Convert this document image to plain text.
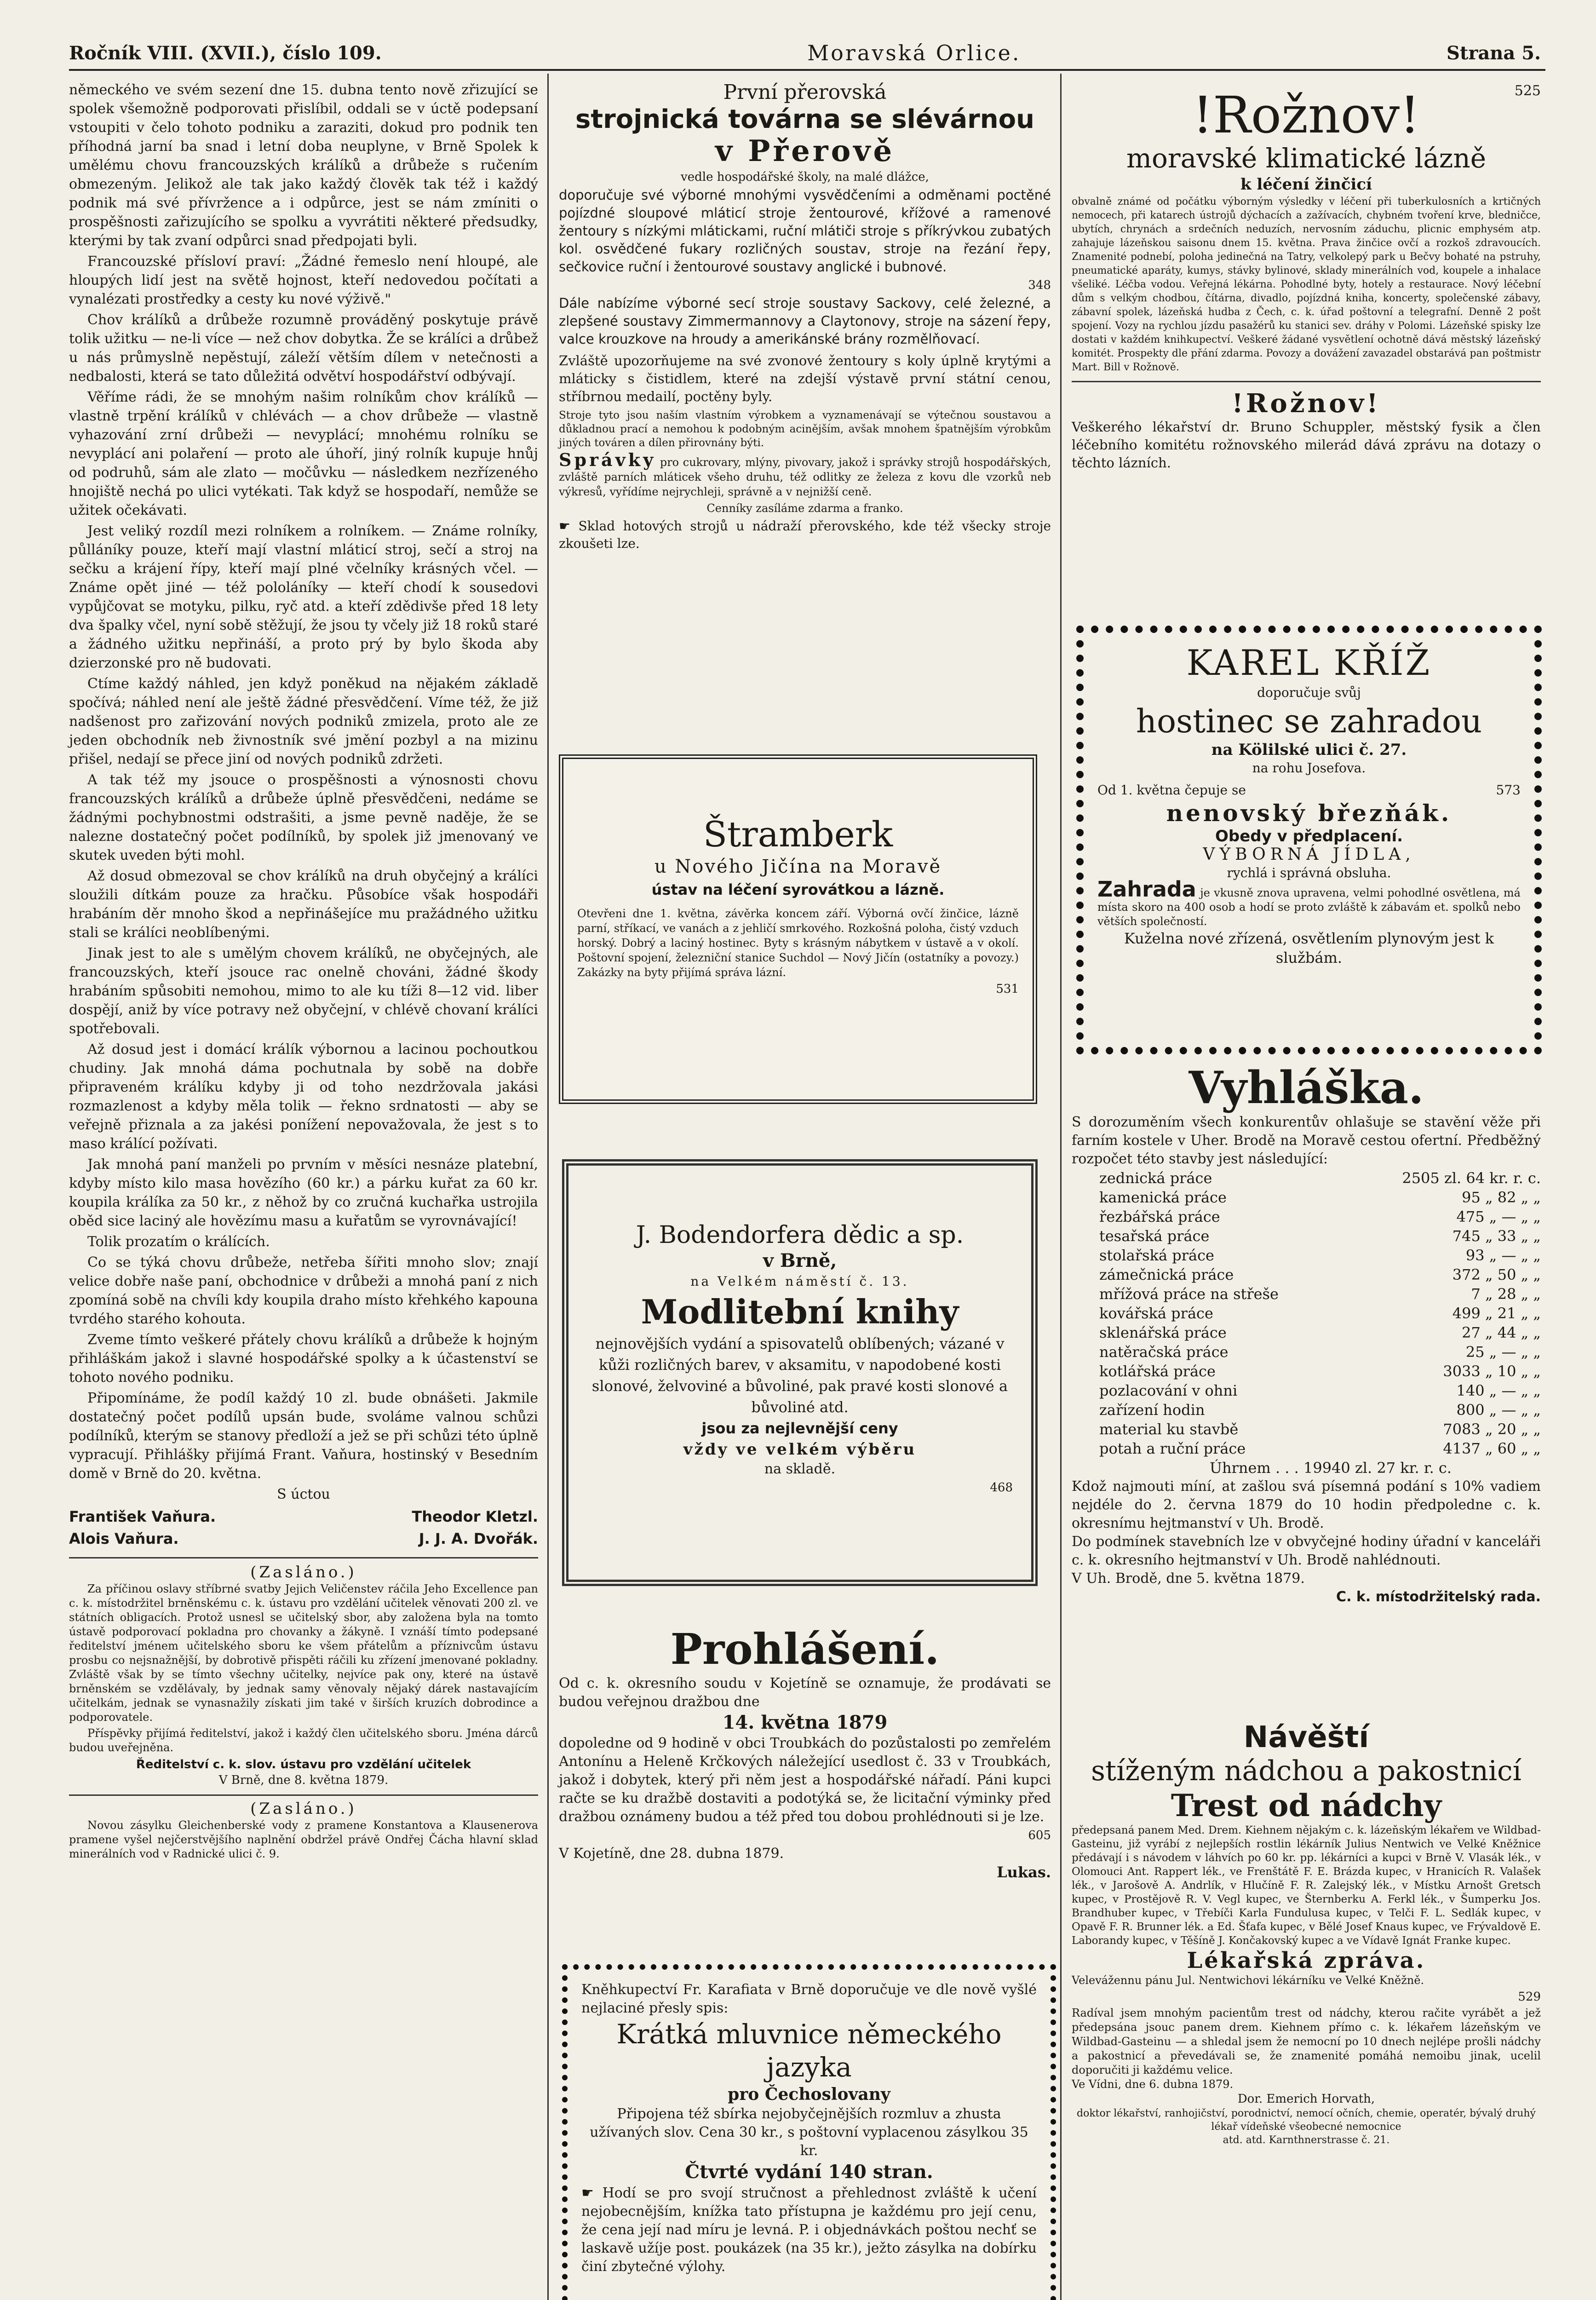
Ročník VIII. (XVII.), číslo 109.	Moravská Orlice.	Strana 5.
525

německého ve svém sezení dne 15. dubna tento nově zřizující se spolek všemožně podporovati přislíbil, oddali se v úctě podepsaní vstoupiti v čelo tohoto podniku a zaraziti, dokud pro podnik ten příhodná jarní ba snad i letní doba neuplyne, v Brně Spolek k umělému chovu francouzských králíků a drůbeže s ručením obmezeným. Jelikož ale tak jako každý člověk tak též i každý podnik má své přívržence a i odpůrce, jest se nám zmíniti o prospěšnosti zařizujícího se spolku a vyvrátiti některé předsudky, kterými by tak zvaní odpůrci snad předpojati byli.

Francouzské přísloví praví: „Žádné řemeslo není hloupé, ale hloupých lidí jest na světě hojnost, kteří nedovedou počítati a vynalézati prostředky a cesty ku nové výživě."

Chov králíků a drůbeže rozumně prováděný poskytuje právě tolik užitku — ne-li více — než chov dobytka. Že se králíci a drůbež u nás průmyslně nepěstují, záleží větším dílem v netečnosti a nedbalosti, která se tato důležitá odvětví hospodářství odbývají.

Věříme rádi, že se mnohým našim rolníkům chov králíků — vlastně trpění králíků v chlévách — a chov drůbeže — vlastně vyhazování zrní drůbeži — nevyplácí; mnohému rolníku se nevyplácí ani polaření — proto ale úhoří, jiný rolník kupuje hnůj od podruhů, sám ale zlato — močůvku — následkem nezřízeného hnojiště nechá po ulici vytékati. Tak když se hospodaří, nemůže se užitek očekávati.

Jest veliký rozdíl mezi rolníkem a rolníkem. — Známe rolníky, půlláníky pouze, kteří mají vlastní mláticí stroj, sečí a stroj na sečku a krájení řípy, kteří mají plné včelníky krásných včel. — Známe opět jiné — též pololáníky — kteří chodí k sousedovi vypůjčovat se motyku, pilku, ryč atd. a kteří zdědivše před 18 lety dva špalky včel, nyní sobě stěžují, že jsou ty včely již 18 roků staré a žádného užitku nepřináší, a proto prý by bylo škoda aby dzierzonské pro ně budovati.

Ctíme každý náhled, jen když poněkud na nějakém základě spočívá; náhled není ale ještě žádné přesvědčení. Víme též, že již nadšenost pro zařizování nových podniků zmizela, proto ale ze jeden obchodník neb živnostník své jmění pozbyl a na mizinu přišel, nedají se přece jiní od nových podniků zdržeti.

A tak též my jsouce o prospěšnosti a výnosnosti chovu francouzských králíků a drůbeže úplně přesvědčeni, nedáme se žádnými pochybnostmi odstrašiti, a jsme pevně naděje, že se nalezne dostatečný počet podílníků, by spolek již jmenovaný ve skutek uveden býti mohl.

Až dosud obmezoval se chov králíků na druh obyčejný a králíci sloužili dítkám pouze za hračku. Působíce však hospodáři hrabáním děr mnoho škod a nepřinášejíce mu pražádného užitku stali se králíci neoblíbenými.

Jinak jest to ale s umělým chovem králíků, ne obyčejných, ale francouzských, kteří jsouce rac onelně chováni, žádné škody hrabáním spůsobiti nemohou, mimo to ale ku tíži 8—12 vid. liber dospějí, aniž by více potravy než obyčejní, v chlévě chovaní králíci spotřebovali.

Až dosud jest i domácí králík výbornou a lacinou pochoutkou chudiny. Jak mnohá dáma pochutnala by sobě na dobře připraveném králíku kdyby ji od toho nezdržovala jakási rozmazlenost a kdyby měla tolik — řekno srdnatosti — aby se veřejně přiznala a za jakési ponížení nepovažovala, že jest s to maso králící požívati.

Jak mnohá paní manželi po prvním v měsíci nesnáze platební, kdyby místo kilo masa hovězího (60 kr.) a párku kuřat za 60 kr. koupila králíka za 50 kr., z něhož by co zručná kuchařka ustrojila oběd sice laciný ale hovězímu masu a kuřatům se vyrovnávající!

Tolik prozatím o králících.

Co se týká chovu drůbeže, netřeba šířiti mnoho slov; znají velice dobře naše paní, obchodnice v drůbeži a mnohá paní z nich zpomíná sobě na chvíli kdy koupila draho místo křehkého kapouna tvrdého starého kohouta.

Zveme tímto veškeré přátely chovu králíků a drůbeže k hojným přihláškám jakož i slavné hospodářské spolky a k účastenství se tohoto nového podniku.

Připomínáme, že podíl každý 10 zl. bude obnášeti. Jakmile dostatečný počet podílů upsán bude, svoláme valnou schůzi podílníků, kterým se stanovy předloží a jež se při schůzi této úplně vypracují. Přihlášky přijímá Frant. Vaňura, hostinský v Besedním domě v Brně do 20. května.

S úctou
František Vaňura.	Theodor Kletzl.
Alois Vaňura.	J. J. A. Dvořák.
(Zasláno.)

Za příčinou oslavy stříbrné svatby Jejich Veličenstev ráčila Jeho Excellence pan c. k. místodržitel brněnskému c. k. ústavu pro vzdělání učitelek věnovati 200 zl. ve státních obligacích. Protož usnesl se učitelský sbor, aby založena byla na tomto ústavě podporovací pokladna pro chovanky a žákyně. I vznáší tímto podepsané ředitelství jménem učitelského sboru ke všem přátelům a příznivcům ústavu prosbu co nejsnažnější, by dobrotivě přispěti ráčili ku zřízení jmenované pokladny. Zvláště však by se tímto všechny učitelky, nejvíce pak ony, které na ústavě brněnském se vzdělávaly, by jednak samy věnovaly nějaký dárek nastavajícím učitelkám, jednak se vynasnažily získati jim také v širších kruzích dobrodince a podporovatele.

Příspěvky přijímá ředitelství, jakož i každý člen učitelského sboru. Jména dárců budou uveřejněna.

Ředitelství c. k. slov. ústavu pro vzdělání učitelek
V Brně, dne 8. května 1879.
(Zasláno.)

Novou zásylku Gleichenberské vody z pramene Konstantova a Klausenerova pramene vyšel nejčerstvějšího naplnění obdržel právě Ondřej Čácha hlavní sklad minerálních vod v Radnické ulici č. 9.

První přerovská
strojnická továrna se slévárnou
v Přerově
vedle hospodářské školy, na malé dlážce,
doporučuje své výborné mnohými vysvědčeními a odměnami poctěné pojízdné sloupové mláticí stroje žentourové, křížové a ramenové žentoury s nízkými mlátickami, ruční mlátiči stroje s příkrývkou zubatých kol. osvědčené fukary rozličných soustav, stroje na řezání řepy, sečkovice ruční i žentourové soustavy anglické i bubnové.
348
Dále nabízíme výborné secí stroje soustavy Sackovy, celé železné, a zlepšené soustavy Zimmermannovy a Claytonovy, stroje na sázení řepy, valce krouzkove na hroudy a amerikánské brány rozmělňovací.
Zvláště upozorňujeme na své zvonové žentoury s koly úplně krytými a mláticky s čistidlem, které na zdejší výstavě první státní cenou, stříbrnou medailí, poctěny byly.
Stroje tyto jsou naším vlastním výrobkem a vyznamenávají se výtečnou soustavou a důkladnou prací a nemohou k podobným acinějším, avšak mnohem špatnějším výrobkům jiných továren a dílen přirovnány býti.
Správky pro cukrovary, mlýny, pivovary, jakož i správky strojů hospodářských, zvláště parních mláticek všeho druhu, též odlitky ze železa z kovu dle vzorků neb výkresů, vyřídíme nejrychleji, správně a v nejnižší ceně.
Cenníky zasíláme zdarma a franko.
☛ Sklad hotových strojů u nádraží přerovského, kde též všecky stroje zkoušeti lze.
Štramberk
u Nového Jičína na Moravě
ústav na léčení syrovátkou a lázně.
Otevřeni dne 1. května, závěrka koncem září. Výborná ovčí žinčice, lázně parní, stříkací, ve vanách a z jehličí smrkového. Rozkošná poloha, čistý vzduch horský. Dobrý a laciný hostinec. Byty s krásným nábytkem v ústavě a v okolí. Poštovní spojení, železniční stanice Suchdol — Nový Jičín (ostatníky a povozy.) Zakázky na byty přijímá správa lázní.
531
J. Bodendorfera dědic a sp.
v Brně,
na Velkém náměstí č. 13.
Modlitební knihy
nejnovějších vydání a spisovatelů oblíbených; vázané v kůži rozličných barev, v aksamitu, v napodobené kosti slonové, želvoviné a bůvoliné, pak pravé kosti slonové a bůvoliné atd.
jsou za nejlevnější ceny
vždy ve velkém výběru
na skladě.
468
Prohlášení.
Od c. k. okresního soudu v Kojetíně se oznamuje, že prodávati se budou veřejnou dražbou dne
14. května 1879
dopoledne od 9 hodině v obci Troubkách do pozůstalosti po zemřelém Antonínu a Heleně Krčkových náležející usedlost č. 33 v Troubkách, jakož i dobytek, který při něm jest a hospodářské nářadí. Páni kupci račte se ku dražbě dostaviti a podotýká se, že licitační výminky před dražbou oznámeny budou a též před tou dobou prohlédnouti si je lze.
605
V Kojetíně, dne 28. dubna 1879.
Lukas.
Kněhkupectví Fr. Karafiata v Brně doporučuje ve dle nově vyšlé nejlaciné přesly spis:
Krátká mluvnice německého jazyka
pro Čechoslovany
Připojena též sbírka nejobyčejnějších rozmluv a zhusta užívaných slov. Cena 30 kr., s poštovní vyplacenou zásylkou 35 kr.
Čtvrté vydání 140 stran.
☛ Hodí se pro svojí stručnost a přehlednost zvláště k učení nejobecnějším, knížka tato přístupna je každému pro její cenu, že cena její nad míru je levná. P. i objednávkách poštou nechť se laskavě užíje post. poukázek (na 35 kr.), ježto zásylka na dobírku činí zbytečné výlohy.
!Rožnov!
moravské klimatické lázně
k léčení žinčicí
obvalně známé od počátku výborným výsledky v léčení při tuberkulosních a krtičných nemocech, při katarech ústrojů dýchacích a zažívacích, chybném tvoření krve, bledničce, ubytích, chrynách a srdečních neduzích, nervosním záduchu, plicnic emphysém atp. zahajuje lázeňskou saisonu dnem 15. května. Prava žinčice ovčí a rozkoš zdravoucích. Znamenité podnebí, poloha jedinečná na Tatry, velkolepý park u Bečvy bohaté na pstruhy, pneumatické aparáty, kumys, stávky bylinové, sklady minerálních vod, koupele a inhalace všeliké. Léčba vodou. Veřejná lékárna. Pohodlné byty, hotely a restaurace. Nový léčební dům s velkým chodbou, čítárna, divadlo, pojízdná kniha, koncerty, společenské zábavy, zábavní spolek, lázeňská hudba z Čech, c. k. úřad poštovní a telegrafní. Denně 2 pošt spojení. Vozy na rychlou jízdu pasažérů ku stanici sev. dráhy v Polomi. Lázeňské spisky lze dostati v každém knihkupectví. Veškeré žádané vysvětlení ochotně dává městský lázeňský komitét. Prospekty dle přání zdarma. Povozy a dovážení zavazadel obstarává pan poštmistr Mart. Bill v Rožnově.
!Rožnov!
Veškerého lékařství dr. Bruno Schuppler, městský fysik a člen léčebního komitétu rožnovského milerád dává zprávu na dotazy o těchto lázních.
KAREL KŘÍŽ
doporučuje svůj
hostinec se zahradou
na Kölilské ulici č. 27.
na rohu Josefova.
Od 1. května čepuje se	573
nenovský březňák.
Obedy v předplacení.
VÝBORNÁ JÍDLA,
rychlá i správná obsluha.
Zahrada je vkusně znova upravena, velmi pohodlné osvětlena, má místa skoro na 400 osob a hodí se proto zvláště k zábavám et. spolků nebo větších společností.
Kuželna nové zřízená, osvětlením plynovým jest k službám.
Vyhláška.
S dorozuměním všech konkurentův ohlašuje se stavění věže při farním kostele v Uher. Brodě na Moravě cestou ofertní. Předběžný rozpočet této stavby jest následující:
zednická práce	2505 zl. 64 kr. r. c.
kamenická práce	95 „ 82 „ „
řezbářská práce	475 „ — „ „
tesařská práce	745 „ 33 „ „
stolařská práce	93 „ — „ „
zámečnická práce	372 „ 50 „ „
mřížová práce na střeše	7 „ 28 „ „
kovářská práce	499 „ 21 „ „
sklenářská práce	27 „ 44 „ „
natěračská práce	25 „ — „ „
kotlářská práce	3033 „ 10 „ „
pozlacování v ohni	140 „ — „ „
zařízení hodin	800 „ — „ „
material ku stavbě	7083 „ 20 „ „
potah a ruční práce	4137 „ 60 „ „
Úhrnem . . . 19940 zl. 27 kr. r. c.
Kdož najmouti míní, at zašlou svá písemná podání s 10% vadiem nejdéle do 2. června 1879 do 10 hodin předpoledne c. k. okresnímu hejtmanství v Uh. Brodě.
Do podmínek stavebních lze v obvyčejné hodiny úřadní v kanceláři c. k. okresního hejtmanství v Uh. Brodě nahlédnouti.
V Uh. Brodě, dne 5. května 1879.
C. k. místodržitelský rada.
Návěští
stíženým nádchou a pakostnicí
Trest od nádchy
předepsaná panem Med. Drem. Kiehnem nějakým c. k. lázeňským lékařem ve Wildbad-Gasteinu, již vyrábí z nejlepších rostlin lékárník Julius Nentwich ve Velké Kněžnice předávají i s návodem v láhvích po 60 kr. pp. lékárníci a kupci v Brně V. Vlasák lék., v Olomouci Ant. Rappert lék., ve Frenštátě F. E. Brázda kupec, v Hranicích R. Valašek lék., v Jarošově A. Andrlík, v Hlučíně F. R. Zalejský lék., v Místku Arnošt Gretsch kupec, v Prostějově R. V. Vegl kupec, ve Šternberku A. Ferkl lék., v Šumperku Jos. Brandhuber kupec, v Třebíči Karla Fundulusa kupec, v Telči F. L. Sedlák kupec, v Opavě F. R. Brunner lék. a Ed. Šťafa kupec, v Bělé Josef Knaus kupec, ve Frývaldově E. Laborandy kupec, v Těšíně J. Končakovský kupec a ve Vídavě Ignát Franke kupec.
Lékařská zpráva.
Velevážennu pánu Jul. Nentwichovi lékárníku ve Velké Kněžně.
529
Radíval jsem mnohým pacientům trest od nádchy, kterou račite vyrábět a jež předepsána jsouc panem drem. Kiehnem přímo c. k. lékařem lázeňským ve Wildbad-Gasteinu — a shledal jsem že nemocní po 10 dnech nejlépe prošli nádchy a pakostnicí a převedávali se, že znamenité pomáhá nemoibu jinak, ucelil doporučiti ji každému velice.
Ve Vídni, dne 6. dubna 1879.
Dor. Emerich Horvath,
doktor lékařství, ranhojičství, porodnictví, nemocí očních, chemie, operatér, bývalý druhý lékař vídeňské všeobecné nemocnice
atd. atd. Karnthnerstrasse č. 21.
